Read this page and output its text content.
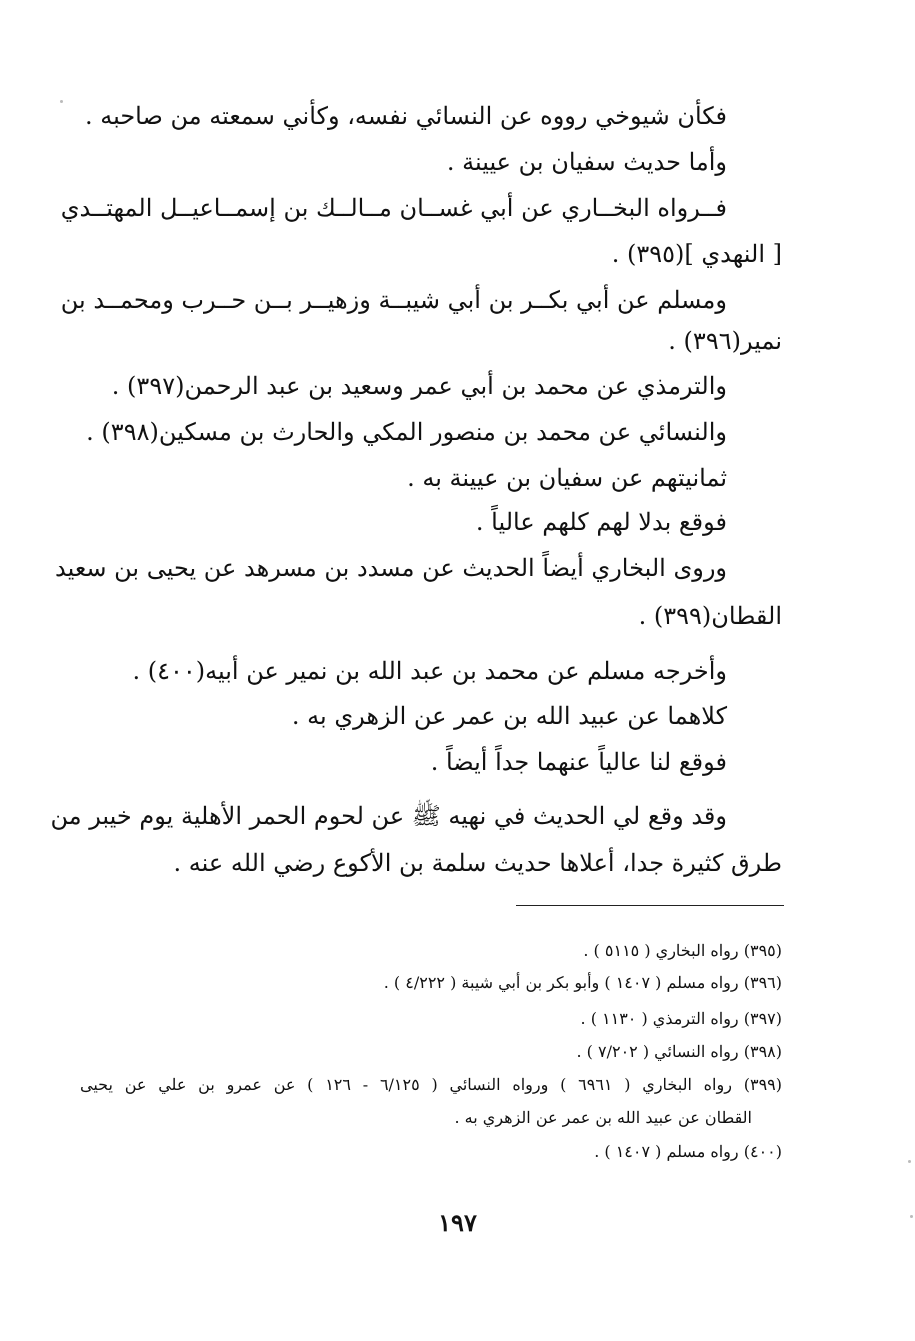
فكأن شيوخي رووه عن النسائي نفسه، وكأني سمعته من صاحبه .
وأما حديث سفيان بن عيينة .
فــرواه البخــاري عن أبي غســان مــالــك بن إسمــاعيــل المهتــدي
[ النهدي ](٣٩٥) .
ومسلم عن أبي بكــر بن أبي شيبــة وزهيــر بــن حــرب ومحمــد بن
نمير(٣٩٦) .
والترمذي عن محمد بن أبي عمر وسعيد بن عبد الرحمن(٣٩٧) .
والنسائي عن محمد بن منصور المكي والحارث بن مسكين(٣٩٨) .
ثمانيتهم عن سفيان بن عيينة به .
فوقع بدلا لهم كلهم عالياً .
وروى البخاري أيضاً الحديث عن مسدد بن مسرهد عن يحيى بن سعيد
القطان(٣٩٩) .
وأخرجه مسلم عن محمد بن عبد الله بن نمير عن أبيه(٤٠٠) .
كلاهما عن عبيد الله بن عمر عن الزهري به .
فوقع لنا عالياً عنهما جداً أيضاً .
وقد وقع لي الحديث في نهيه ﷺ عن لحوم الحمر الأهلية يوم خيبر من
طرق كثيرة جدا، أعلاها حديث سلمة بن الأكوع رضي الله عنه .
(٣٩٥) رواه البخاري ( ٥١١٥ ) .
(٣٩٦) رواه مسلم ( ١٤٠٧ ) وأبو بكر بن أبي شيبة ( ٤/٢٢٢ ) .
(٣٩٧) رواه الترمذي ( ١١٣٠ ) .
(٣٩٨) رواه النسائي ( ٧/٢٠٢ ) .
(٣٩٩) رواه البخاري ( ٦٩٦١ ) ورواه النسائي ( ٦/١٢٥ - ١٢٦ ) عن عمرو بن علي عن يحيى
القطان عن عبيد الله بن عمر عن الزهري به .
(٤٠٠) رواه مسلم ( ١٤٠٧ ) .
١٩٧
